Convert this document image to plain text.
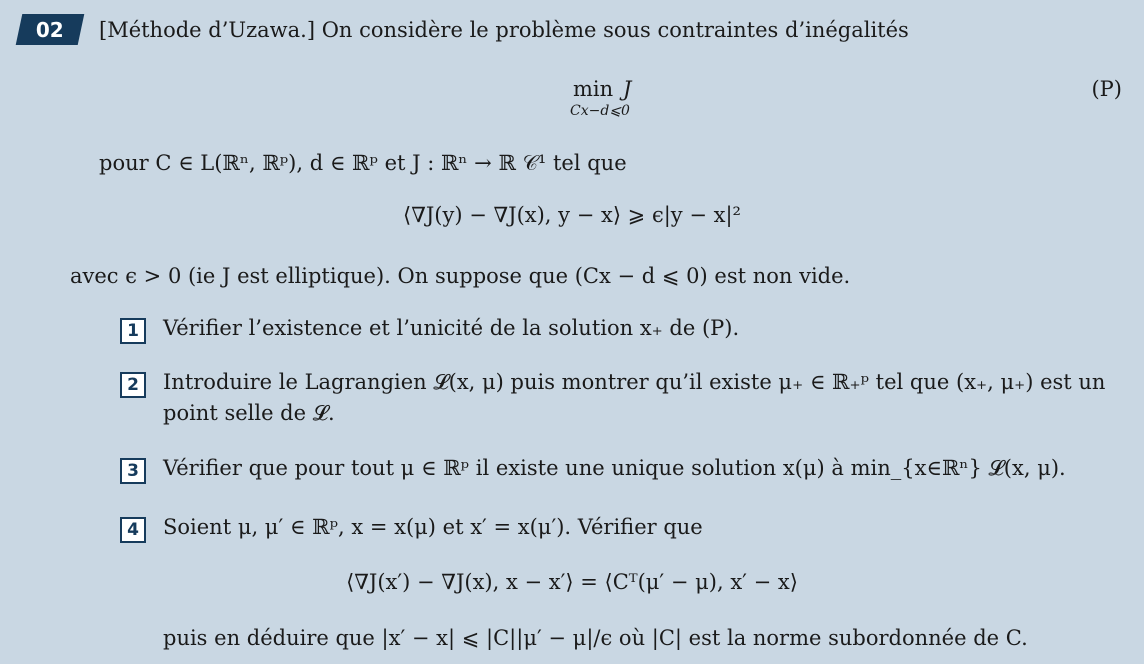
02 [Méthode d’Uzawa.] On considère le problème sous contraintes d’inégalités
min
Cx−d⩽0
J	(P)
pour C ∈ L(ℝⁿ, ℝᵖ), d ∈ ℝᵖ et J : ℝⁿ → ℝ 𝒞¹ tel que
⟨∇J(y) − ∇J(x), y − x⟩ ⩾ ϵ|y − x|²
avec ϵ > 0 (ie J est elliptique). On suppose que (Cx − d ⩽ 0) est non vide.
1	Vérifier l’existence et l’unicité de la solution x₊ de (P).
2	Introduire le Lagrangien 𝓛(x, μ) puis montrer qu’il existe μ₊ ∈ ℝ₊ᵖ tel que (x₊, μ₊) est un
point selle de 𝓛.
3	Vérifier que pour tout μ ∈ ℝᵖ il existe une unique solution x(μ) à min_{x∈ℝⁿ} 𝓛(x, μ).
4	Soient μ, μ′ ∈ ℝᵖ, x = x(μ) et x′ = x(μ′). Vérifier que
⟨∇J(x′) − ∇J(x), x − x′⟩ = ⟨Cᵀ(μ′ − μ), x′ − x⟩
puis en déduire que |x′ − x| ⩽ |C||μ′ − μ|/ϵ où |C| est la norme subordonnée de C.
